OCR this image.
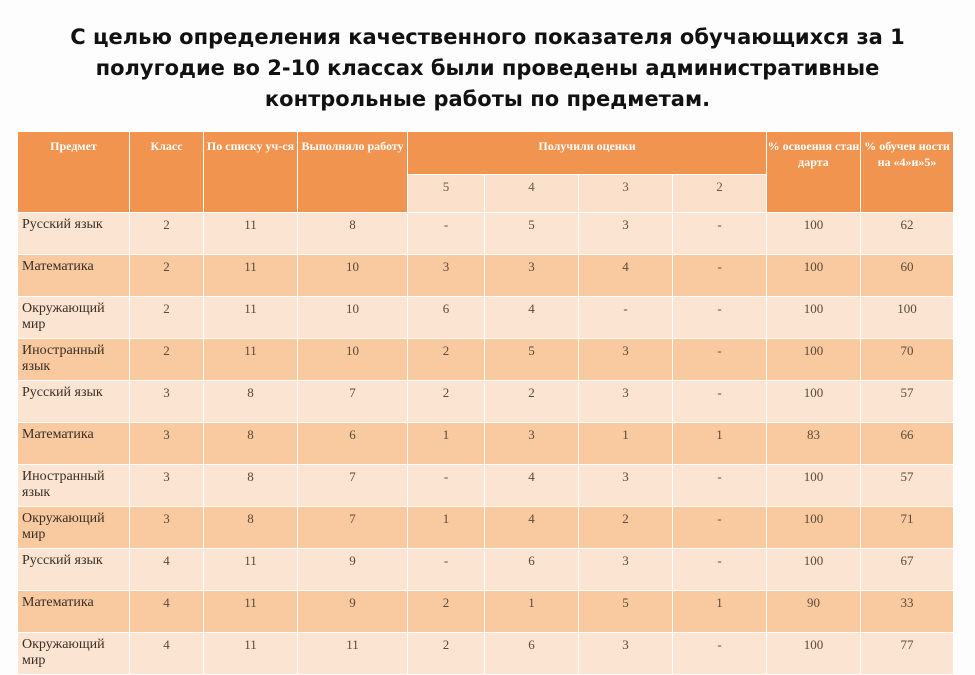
С целью определения качественного показателя обучающихся за 1
полугодие во 2-10 классах были проведены административные
контрольные работы по предметам.
Предмет	Класс	По списку уч-ся	Выполняло работу	Получили оценки				% освоения стан дарта	% обучен ности на «4»и»5»
				5	4	3	2		
Русский язык	2	11	8	-	5	3	-	100	62
Математика	2	11	10	3	3	4	-	100	60
Окружающий мир	2	11	10	6	4	-	-	100	100
Иностранный язык	2	11	10	2	5	3	-	100	70
Русский язык	3	8	7	2	2	3	-	100	57
Математика	3	8	6	1	3	1	1	83	66
Иностранный язык	3	8	7	-	4	3	-	100	57
Окружающий мир	3	8	7	1	4	2	-	100	71
Русский язык	4	11	9	-	6	3	-	100	67
Математика	4	11	9	2	1	5	1	90	33
Окружающий мир	4	11	11	2	6	3	-	100	77
